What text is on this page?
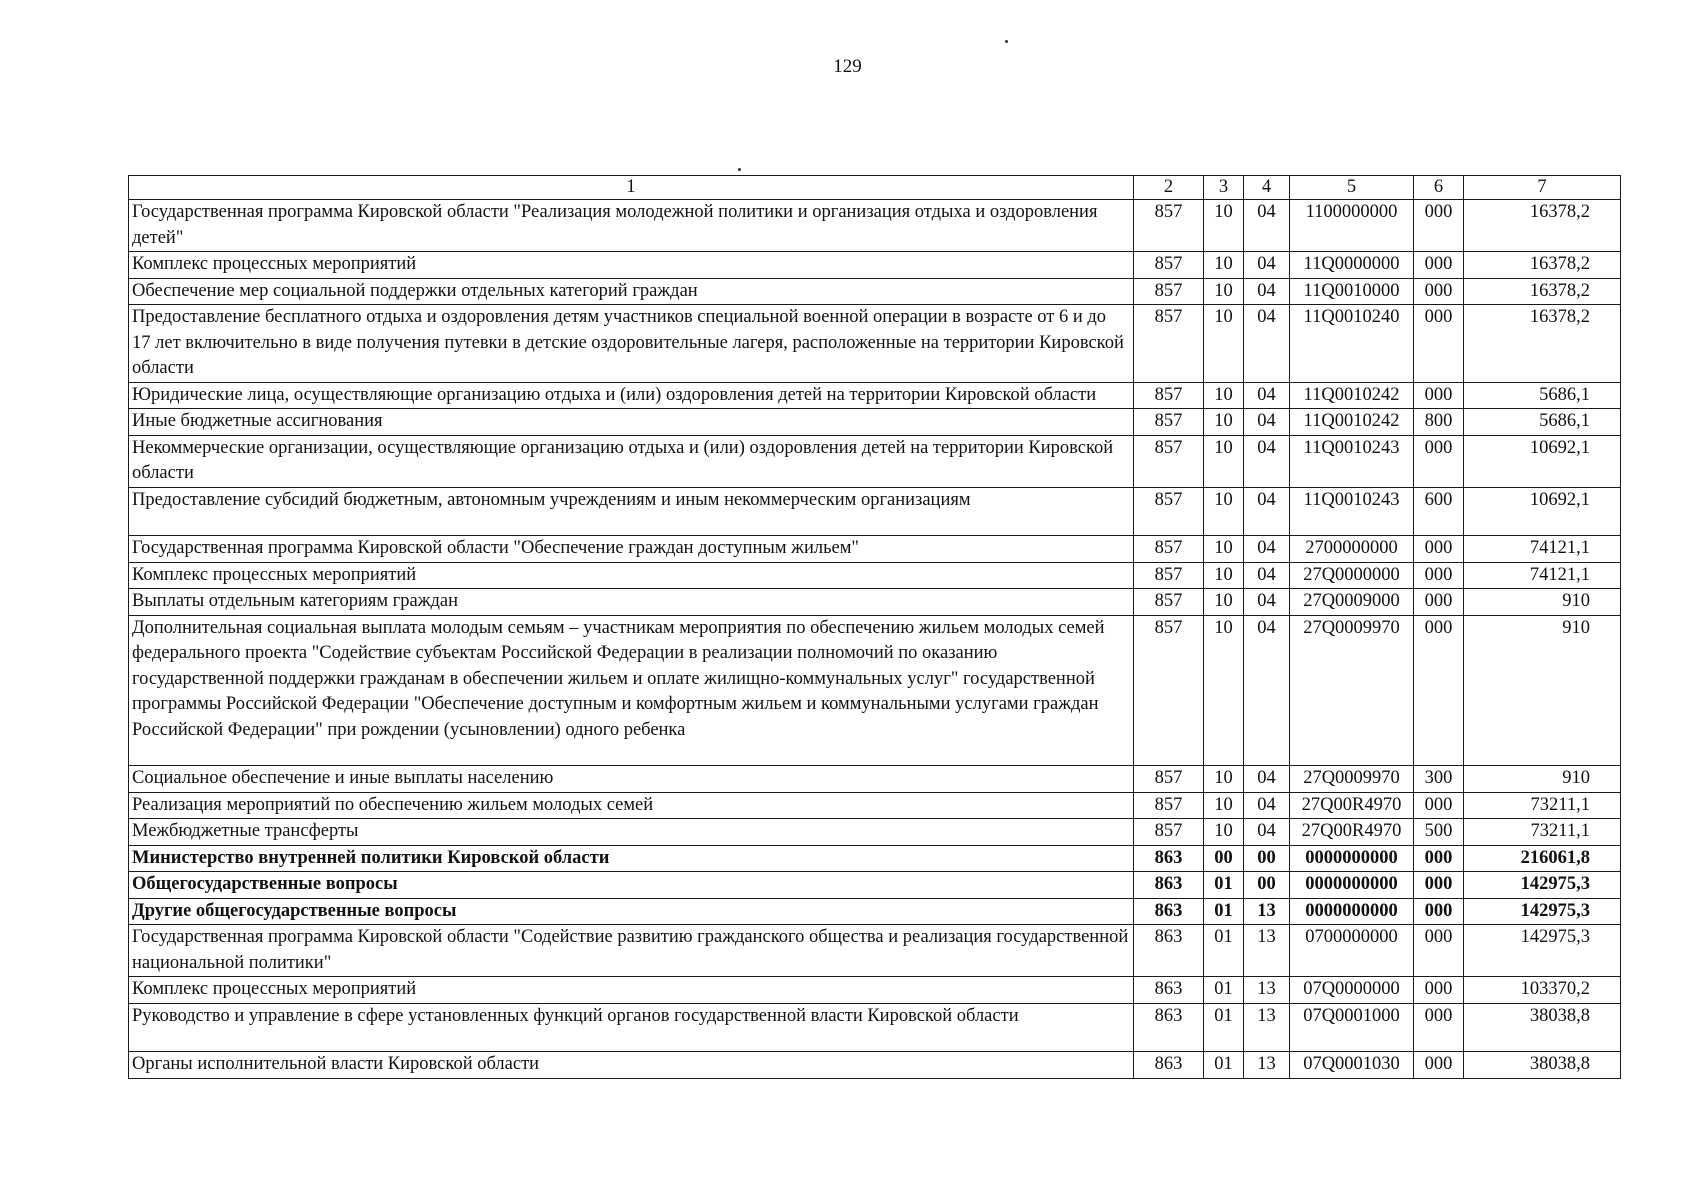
129
1	2	3	4	5	6	7
Государственная программа Кировской области "Реализация молодежной политики и организация отдыха и оздоровления детей"	857	10	04	1100000000	000	16378,2
Комплекс процессных мероприятий	857	10	04	11Q0000000	000	16378,2
Обеспечение мер социальной поддержки отдельных категорий граждан	857	10	04	11Q0010000	000	16378,2
Предоставление бесплатного отдыха и оздоровления детям участников специальной военной операции в возрасте от 6 и до 17 лет включительно в виде получения путевки в детские оздоровительные лагеря, расположенные на территории Кировской области	857	10	04	11Q0010240	000	16378,2
Юридические лица, осуществляющие организацию отдыха и (или) оздоровления детей на территории Кировской области	857	10	04	11Q0010242	000	5686,1
Иные бюджетные ассигнования	857	10	04	11Q0010242	800	5686,1
Некоммерческие организации, осуществляющие организацию отдыха и (или) оздоровления детей на территории Кировской области	857	10	04	11Q0010243	000	10692,1
Предоставление субсидий бюджетным, автономным учреждениям и иным некоммерческим организациям	857	10	04	11Q0010243	600	10692,1
Государственная программа Кировской области "Обеспечение граждан доступным жильем"	857	10	04	2700000000	000	74121,1
Комплекс процессных мероприятий	857	10	04	27Q0000000	000	74121,1
Выплаты отдельным категориям граждан	857	10	04	27Q0009000	000	910
Дополнительная социальная выплата молодым семьям – участникам мероприятия по обеспечению жильем молодых семей федерального проекта "Содействие субъектам Российской Федерации в реализации полномочий по оказанию государственной поддержки гражданам в обеспечении жильем и оплате жилищно-коммунальных услуг" государственной программы Российской Федерации "Обеспечение доступным и комфортным жильем и коммунальными услугами граждан Российской Федерации" при рождении (усыновлении) одного ребенка	857	10	04	27Q0009970	000	910
Социальное обеспечение и иные выплаты населению	857	10	04	27Q0009970	300	910
Реализация мероприятий по обеспечению жильем молодых семей	857	10	04	27Q00R4970	000	73211,1
Межбюджетные трансферты	857	10	04	27Q00R4970	500	73211,1
Министерство внутренней политики Кировской области	863	00	00	0000000000	000	216061,8
Общегосударственные вопросы	863	01	00	0000000000	000	142975,3
Другие общегосударственные вопросы	863	01	13	0000000000	000	142975,3
Государственная программа Кировской области "Содействие развитию гражданского общества и реализация государственной национальной политики"	863	01	13	0700000000	000	142975,3
Комплекс процессных мероприятий	863	01	13	07Q0000000	000	103370,2
Руководство и управление в сфере установленных функций органов государственной власти Кировской области	863	01	13	07Q0001000	000	38038,8
Органы исполнительной власти Кировской области	863	01	13	07Q0001030	000	38038,8
